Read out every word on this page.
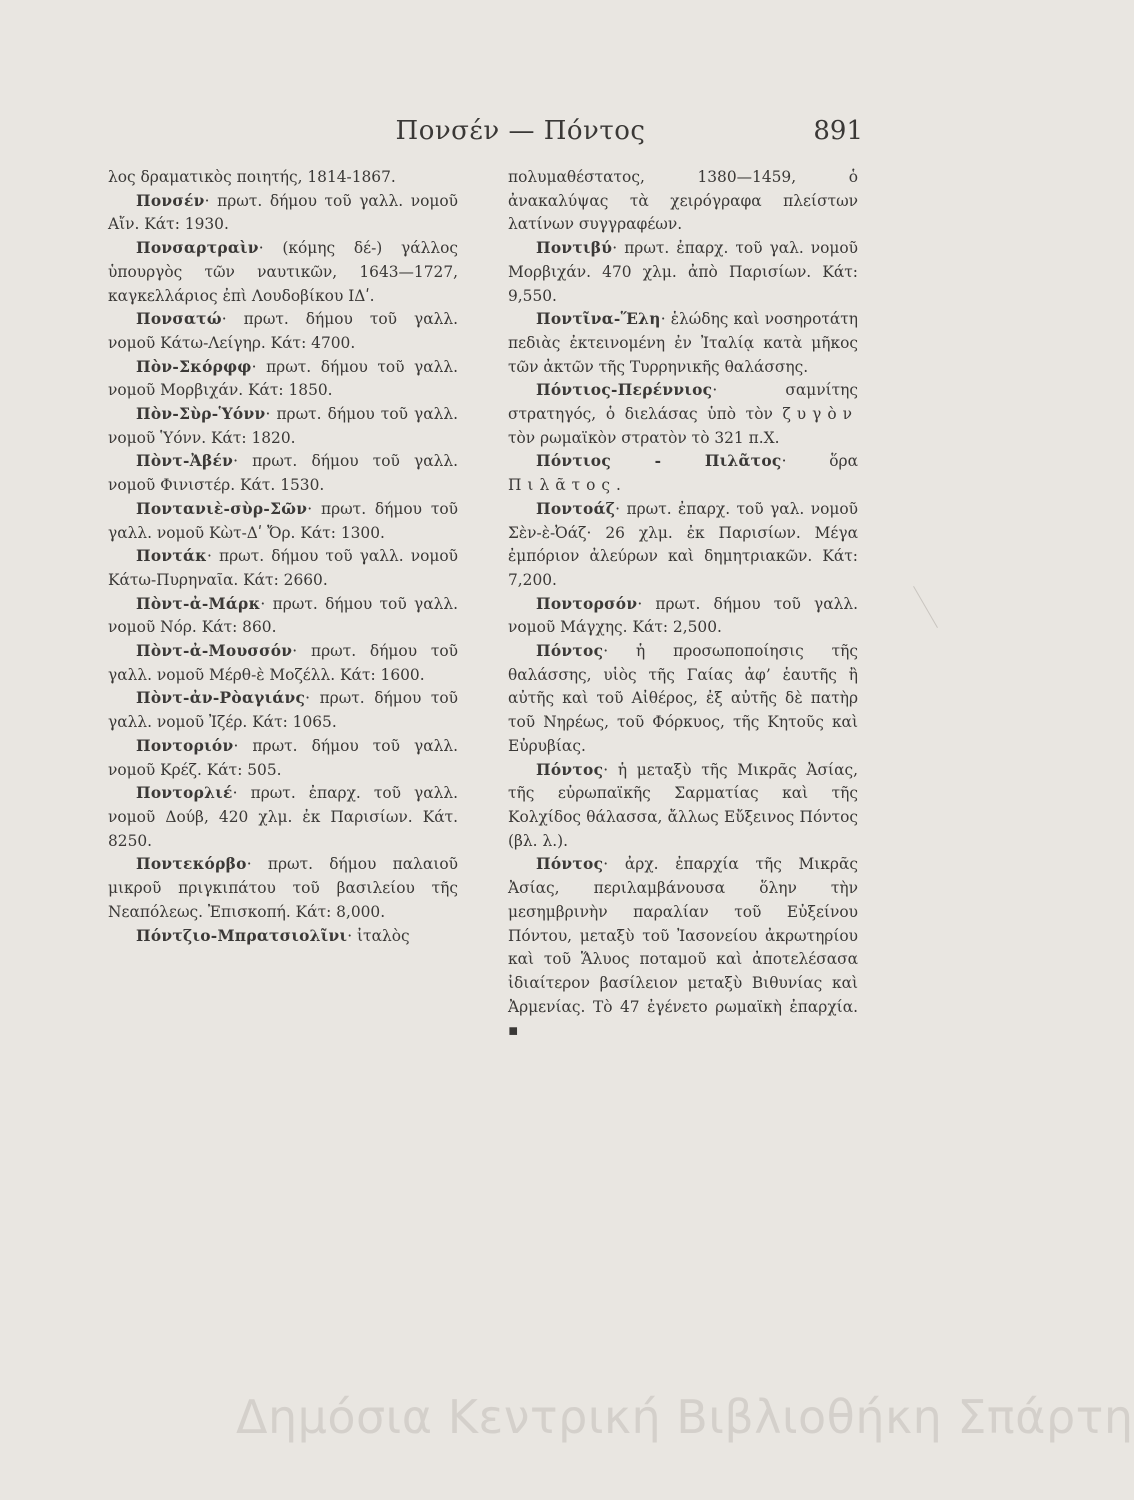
Πονσέν — Πόντος	891

λος δραματικὸς ποιητής, 1814-1867.

Πονσέν· πρωτ. δήμου τοῦ γαλλ. νομοῦ Αἴν. Κάτ: 1930.

Πονσαρτραὶν· (κόμης δέ-) γάλλος ὑπουργὸς τῶν ναυτικῶν, 1643—1727, καγκελλάριος ἐπὶ Λουδοβίκου ΙΔʹ.

Πονσατώ· πρωτ. δήμου τοῦ γαλλ. νομοῦ Κάτω-Λείγηρ. Κάτ: 4700.

Πὸν-Σκόρφφ· πρωτ. δήμου τοῦ γαλλ. νομοῦ Μορβιχάν. Κάτ: 1850.

Πὸν-Σὺρ-Ὑόνν· πρωτ. δήμου τοῦ γαλλ. νομοῦ Ὑόνν. Κάτ: 1820.

Πὸντ-Ἀβέν· πρωτ. δήμου τοῦ γαλλ. νομοῦ Φινιστέρ. Κάτ. 1530.

Ποντανιὲ-σὺρ-Σῶν· πρωτ. δήμου τοῦ γαλλ. νομοῦ Κὼτ-Δʹ Ὄρ. Κάτ: 1300.

Ποντάκ· πρωτ. δήμου τοῦ γαλλ. νομοῦ Κάτω-Πυρηναῖα. Κάτ: 2660.

Πὸντ-ἀ-Μάρκ· πρωτ. δήμου τοῦ γαλλ. νομοῦ Νόρ. Κάτ: 860.

Πὸντ-ἀ-Μουσσόν· πρωτ. δήμου τοῦ γαλλ. νομοῦ Μέρθ-ὲ Μοζέλλ. Κάτ: 1600.

Πὸντ-ἀν-Ρὸαγιάνς· πρωτ. δήμου τοῦ γαλλ. νομοῦ Ἰζέρ. Κάτ: 1065.

Ποντοριόν· πρωτ. δήμου τοῦ γαλλ. νομοῦ Κρέζ. Κάτ: 505.

Ποντορλιέ· πρωτ. ἐπαρχ. τοῦ γαλλ. νομοῦ Δούβ, 420 χλμ. ἐκ Παρισίων. Κάτ. 8250.

Ποντεκόρβο· πρωτ. δήμου παλαιοῦ μικροῦ πριγκιπάτου τοῦ βασιλείου τῆς Νεαπόλεως. Ἐπισκοπή. Κάτ: 8,000.

Πόντζιο-Μπρατσιολῖνι· ἰταλὸς

πολυμαθέστατος, 1380—1459, ὁ ἀνακαλύψας τὰ χειρόγραφα πλείστων λατίνων συγγραφέων.

Ποντιβύ· πρωτ. ἐπαρχ. τοῦ γαλ. νομοῦ Μορβιχάν. 470 χλμ. ἀπὸ Παρισίων. Κάτ: 9,550.

Ποντῖνα-Ἕλη· ἑλώδης καὶ νοσηροτάτη πεδιὰς ἐκτεινομένη ἐν Ἰταλίᾳ κατὰ μῆκος τῶν ἀκτῶν τῆς Τυρρηνικῆς θαλάσσης.

Πόντιος-Περέννιος· σαμνίτης στρατηγός, ὁ διελάσας ὑπὸ τὸν ζυγὸν τὸν ρωμαϊκὸν στρατὸν τὸ 321 π.Χ.

Πόντιος - Πιλᾶτος· ὅρα Πιλᾶτος.

Ποντοάζ· πρωτ. ἐπαρχ. τοῦ γαλ. νομοῦ Σὲν-ὲ-Ὀάζ· 26 χλμ. ἐκ Παρισίων. Μέγα ἐμπόριον ἀλεύρων καὶ δημητριακῶν. Κάτ: 7,200.

Ποντορσόν· πρωτ. δήμου τοῦ γαλλ. νομοῦ Μάγχης. Κάτ: 2,500.

Πόντος· ἡ προσωποποίησις τῆς θαλάσσης, υἱὸς τῆς Γαίας ἀφ’ ἑαυτῆς ἢ αὐτῆς καὶ τοῦ Αἰθέρος, ἐξ αὐτῆς δὲ πατὴρ τοῦ Νηρέως, τοῦ Φόρκυος, τῆς Κητοῦς καὶ Εὐρυβίας.

Πόντος· ἡ μεταξὺ τῆς Μικρᾶς Ἀσίας, τῆς εὐρωπαϊκῆς Σαρματίας καὶ τῆς Κολχίδος θάλασσα, ἄλλως Εὔξεινος Πόντος (βλ. λ.).

Πόντος· ἀρχ. ἐπαρχία τῆς Μικρᾶς Ἀσίας, περιλαμβάνουσα ὅλην τὴν μεσημβρινὴν παραλίαν τοῦ Εὐξείνου Πόντου, μεταξὺ τοῦ Ἰασονείου ἀκρωτηρίου καὶ τοῦ Ἅλυος ποταμοῦ καὶ ἀποτελέσασα ἰδιαίτερον βασίλειον μεταξὺ Βιθυνίας καὶ Ἀρμενίας. Τὸ 47 ἐγένετο ρωμαϊκὴ ἐπαρχία. ▪

Δημόσια Κεντρική Βιβλιοθήκη Σπάρτη
